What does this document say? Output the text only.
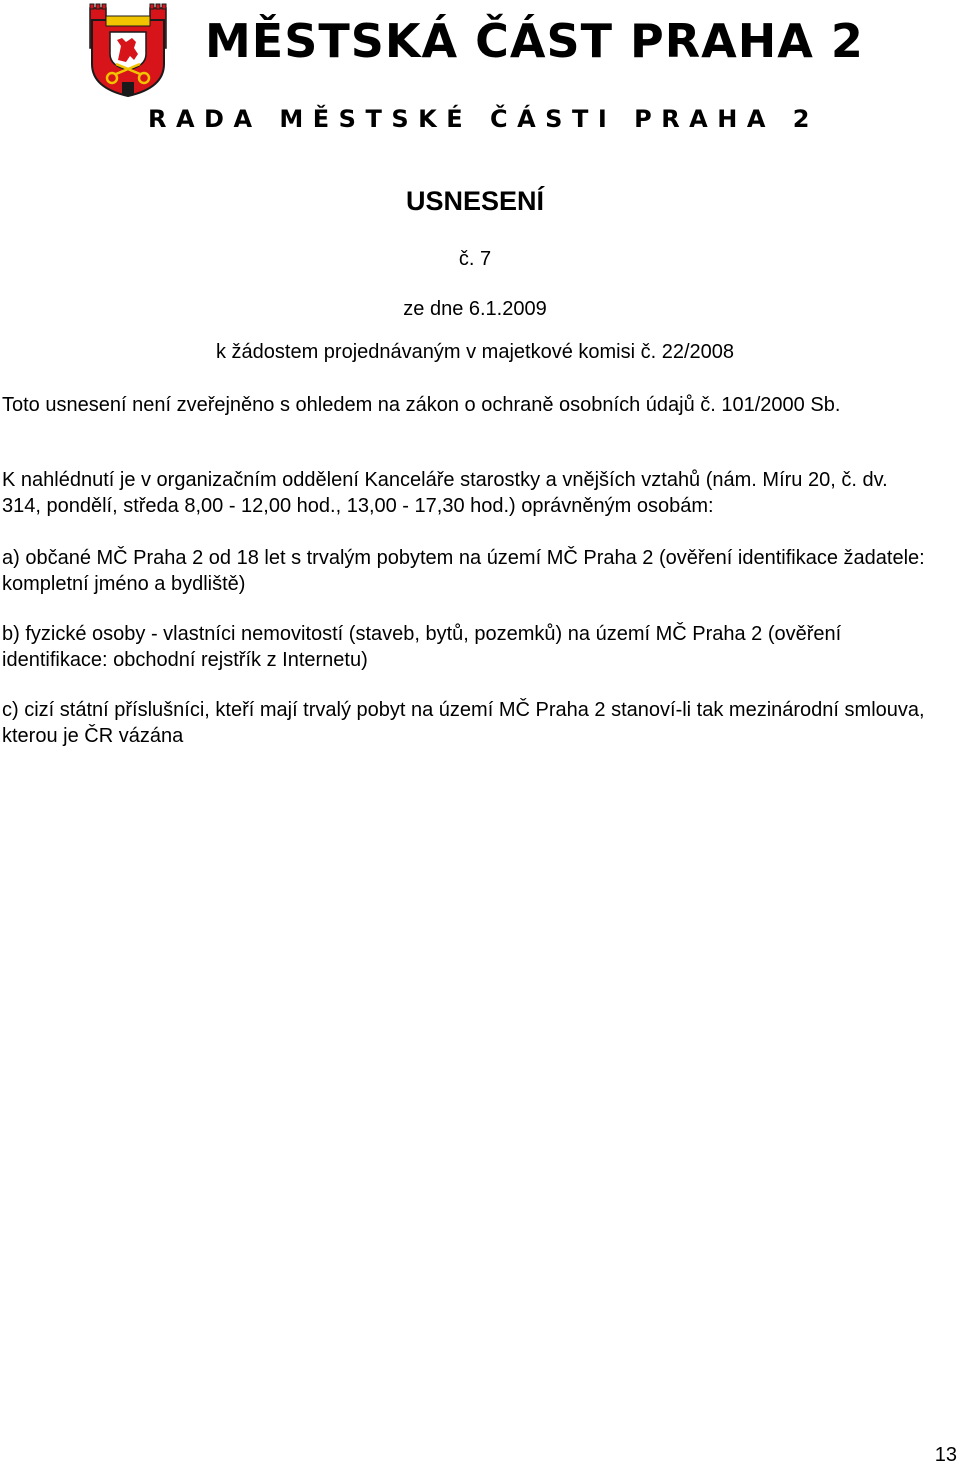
MĚSTSKÁ ČÁST PRAHA 2
RADA MĚSTSKÉ ČÁSTI PRAHA 2
USNESENÍ
č. 7
ze dne 6.1.2009
k žádostem projednávaným v majetkové komisi č. 22/2008
Toto usnesení není zveřejněno s ohledem na zákon o ochraně osobních údajů č. 101/2000 Sb.
K nahlédnutí je v organizačním oddělení Kanceláře starostky a vnějších vztahů (nám. Míru 20, č. dv. 314, pondělí, středa 8,00 - 12,00 hod., 13,00 - 17,30 hod.) oprávněným osobám:
a) občané MČ Praha 2 od 18 let s trvalým pobytem na území MČ Praha 2 (ověření identifikace žadatele: kompletní jméno a bydliště)
b) fyzické osoby - vlastníci nemovitostí (staveb, bytů, pozemků) na území MČ Praha 2 (ověření identifikace: obchodní rejstřík z Internetu)
c) cizí státní příslušníci, kteří mají trvalý pobyt na území MČ Praha 2 stanoví-li tak mezinárodní smlouva, kterou je ČR vázána
13
